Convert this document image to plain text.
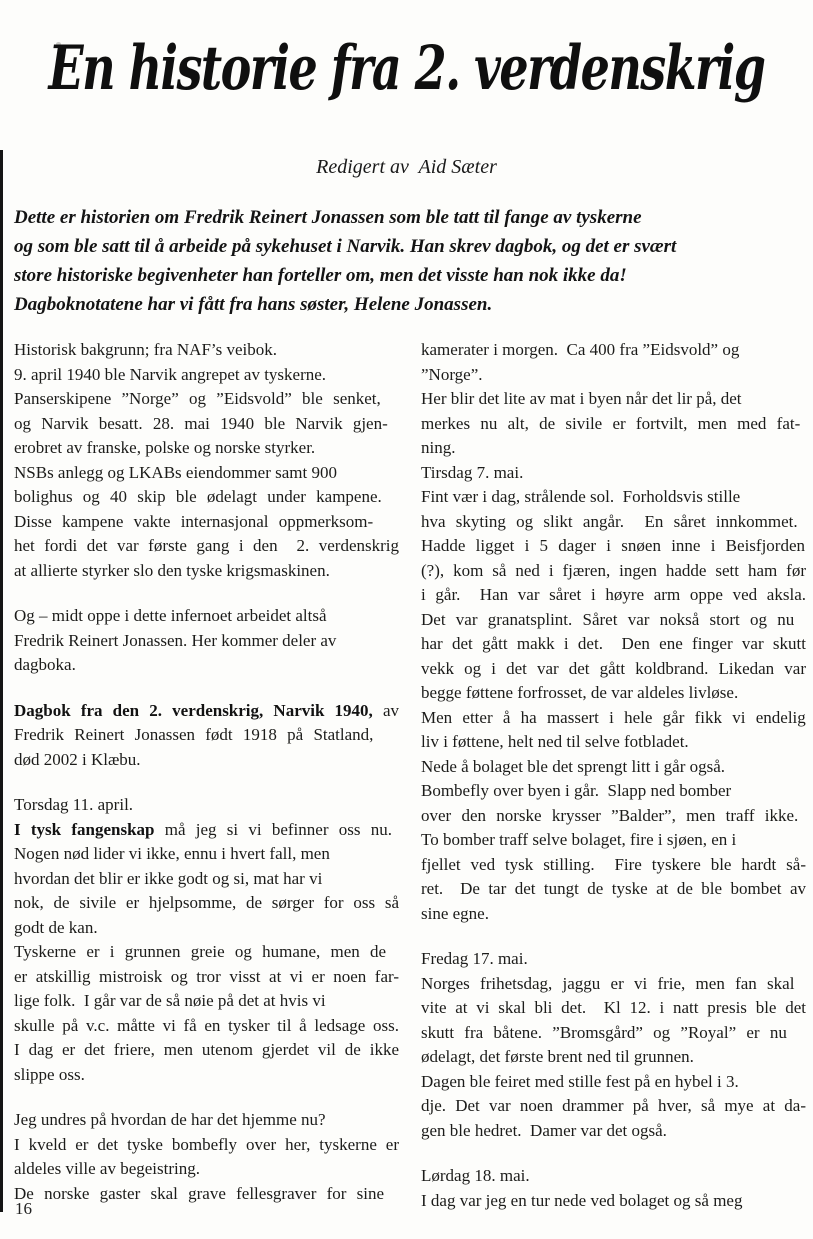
En historie fra 2. verdenskrig
Redigert av  Aid Sæter
Dette er historien om Fredrik Reinert Jonassen som ble tatt til fange av tyskerne
og som ble satt til å arbeide på sykehuset i Narvik. Han skrev dagbok, og det er svært
store historiske begivenheter han forteller om, men det visste han nok ikke da!
Dagboknotatene har vi fått fra hans søster, Helene Jonassen.
Historisk bakgrunn; fra NAF’s veibok.
9. april 1940 ble Narvik angrepet av tyskerne.
Panserskipene ”Norge” og ”Eidsvold” ble senket,
og Narvik besatt. 28. mai 1940 ble Narvik gjen-
erobret av franske, polske og norske styrker.
NSBs anlegg og LKABs eiendommer samt 900
bolighus og 40 skip ble ødelagt under kampene.
Disse kampene vakte internasjonal oppmerksom-
het fordi det var første gang i den  2. verdenskrig
at allierte styrker slo den tyske krigsmaskinen.
Og – midt oppe i dette infernoet arbeidet altså
Fredrik Reinert Jonassen. Her kommer deler av
dagboka.
Dagbok fra den 2. verdenskrig, Narvik 1940, av
Fredrik Reinert Jonassen født 1918 på Statland,
død 2002 i Klæbu.
Torsdag 11. april.
I tysk fangenskap må jeg si vi befinner oss nu.
Nogen nød lider vi ikke, ennu i hvert fall, men
hvordan det blir er ikke godt og si, mat har vi
nok, de sivile er hjelpsomme, de sørger for oss så
godt de kan.
Tyskerne er i grunnen greie og humane, men de
er atskillig mistroisk og tror visst at vi er noen far-
lige folk.  I går var de så nøie på det at hvis vi
skulle på v.c. måtte vi få en tysker til å ledsage oss.
I dag er det friere, men utenom gjerdet vil de ikke
slippe oss.
Jeg undres på hvordan de har det hjemme nu?
I kveld er det tyske bombefly over her, tyskerne er
aldeles ville av begeistring.
De norske gaster skal grave fellesgraver for sine
kamerater i morgen.  Ca 400 fra ”Eidsvold” og
”Norge”.
Her blir det lite av mat i byen når det lir på, det
merkes nu alt, de sivile er fortvilt, men med fat-
ning.
Tirsdag 7. mai.
Fint vær i dag, strålende sol.  Forholdsvis stille
hva skyting og slikt angår.  En såret innkommet.
Hadde ligget i 5 dager i snøen inne i Beisfjorden
(?), kom så ned i fjæren, ingen hadde sett ham før
i går.  Han var såret i høyre arm oppe ved aksla.
Det var granatsplint. Såret var nokså stort og nu
har det gått makk i det.  Den ene finger var skutt
vekk og i det var det gått koldbrand. Likedan var
begge føttene forfrosset, de var aldeles livløse.
Men etter å ha massert i hele går fikk vi endelig
liv i føttene, helt ned til selve fotbladet.
Nede å bolaget ble det sprengt litt i går også.
Bombefly over byen i går.  Slapp ned bomber
over den norske krysser ”Balder”, men traff ikke.
To bomber traff selve bolaget, fire i sjøen, en i
fjellet ved tysk stilling.  Fire tyskere ble hardt så-
ret.  De tar det tungt de tyske at de ble bombet av
sine egne.
Fredag 17. mai.
Norges frihetsdag, jaggu er vi frie, men fan skal
vite at vi skal bli det.  Kl 12. i natt presis ble det
skutt fra båtene. ”Bromsgård” og ”Royal” er nu
ødelagt, det første brent ned til grunnen.
Dagen ble feiret med stille fest på en hybel i 3.
dje. Det var noen drammer på hver, så mye at da-
gen ble hedret.  Damer var det også.
Lørdag 18. mai.
I dag var jeg en tur nede ved bolaget og så meg
16
